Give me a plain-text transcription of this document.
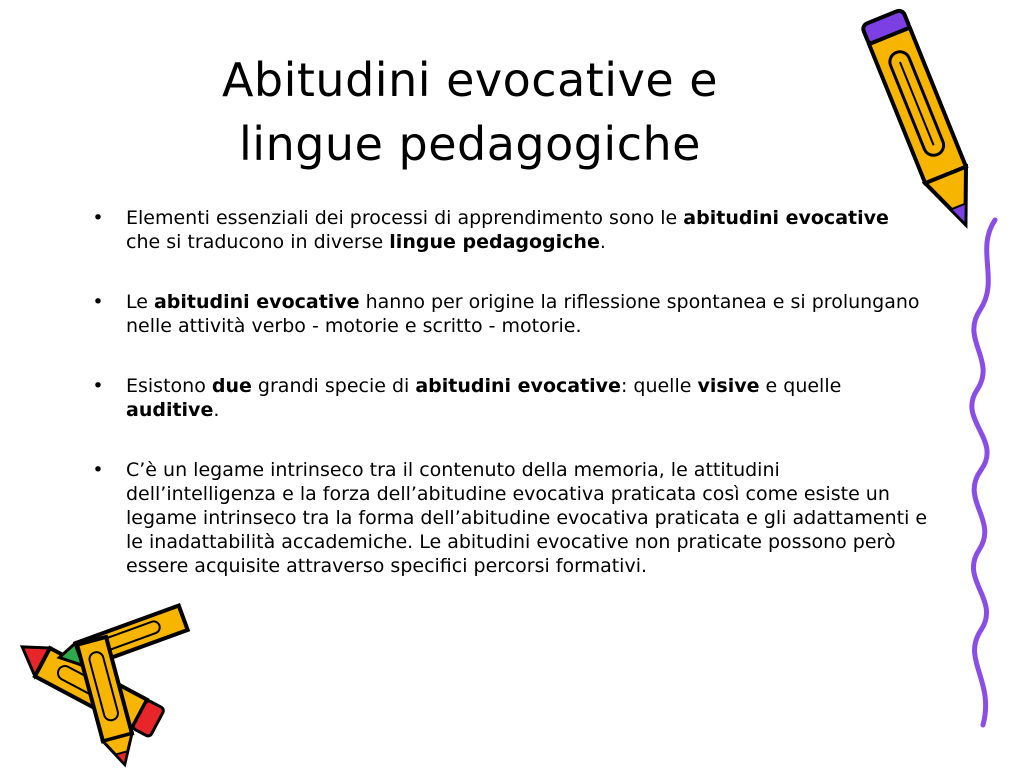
Abitudini evocative e
lingue pedagogiche
• Elementi essenziali dei processi di apprendimento sono le abitudini evocative che si traducono in diverse lingue pedagogiche.
• Le abitudini evocative hanno per origine la riflessione spontanea e si prolungano nelle attività verbo - motorie e scritto - motorie.
• Esistono due grandi specie di abitudini evocative: quelle visive e quelle auditive.
• C’è un legame intrinseco tra il contenuto della memoria, le attitudini dell’intelligenza e la forza dell’abitudine evocativa praticata così come esiste un legame intrinseco tra la forma dell’abitudine evocativa praticata e gli adattamenti e le inadattabilità accademiche. Le abitudini evocative non praticate possono però essere acquisite attraverso specifici percorsi formativi.
